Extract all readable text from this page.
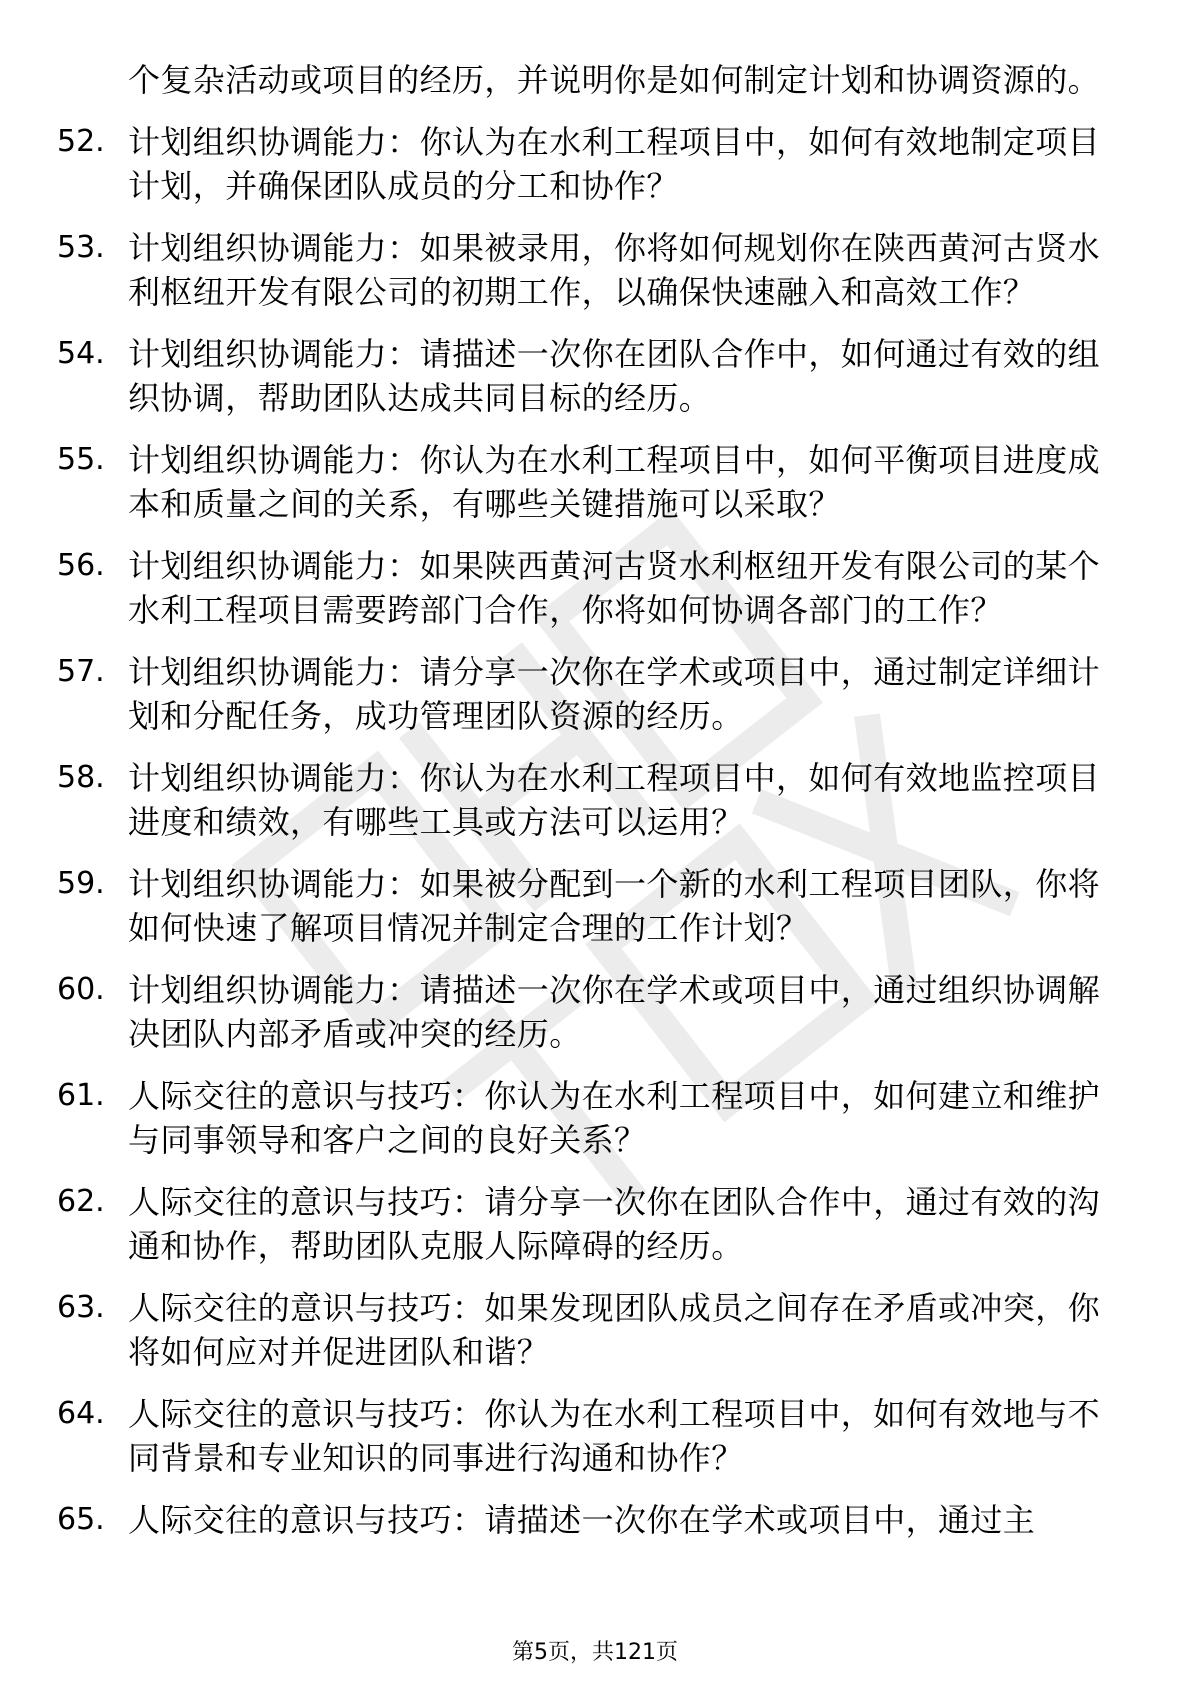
个复杂活动或项目的经历，并说明你是如何制定计划和协调资源的。
52. 计划组织协调能力：你认为在水利工程项目中，如何有效地制定项目计划，并确保团队成员的分工和协作？
53. 计划组织协调能力：如果被录用，你将如何规划你在陕西黄河古贤水利枢纽开发有限公司的初期工作，以确保快速融入和高效工作？
54. 计划组织协调能力：请描述一次你在团队合作中，如何通过有效的组织协调，帮助团队达成共同目标的经历。
55. 计划组织协调能力：你认为在水利工程项目中，如何平衡项目进度成本和质量之间的关系，有哪些关键措施可以采取？
56. 计划组织协调能力：如果陕西黄河古贤水利枢纽开发有限公司的某个水利工程项目需要跨部门合作，你将如何协调各部门的工作？
57. 计划组织协调能力：请分享一次你在学术或项目中，通过制定详细计划和分配任务，成功管理团队资源的经历。
58. 计划组织协调能力：你认为在水利工程项目中，如何有效地监控项目进度和绩效，有哪些工具或方法可以运用？
59. 计划组织协调能力：如果被分配到一个新的水利工程项目团队，你将如何快速了解项目情况并制定合理的工作计划？
60. 计划组织协调能力：请描述一次你在学术或项目中，通过组织协调解决团队内部矛盾或冲突的经历。
61. 人际交往的意识与技巧：你认为在水利工程项目中，如何建立和维护与同事领导和客户之间的良好关系？
62. 人际交往的意识与技巧：请分享一次你在团队合作中，通过有效的沟通和协作，帮助团队克服人际障碍的经历。
63. 人际交往的意识与技巧：如果发现团队成员之间存在矛盾或冲突，你将如何应对并促进团队和谐？
64. 人际交往的意识与技巧：你认为在水利工程项目中，如何有效地与不同背景和专业知识的同事进行沟通和协作？
65. 人际交往的意识与技巧：请描述一次你在学术或项目中，通过主
第5页，共121页
